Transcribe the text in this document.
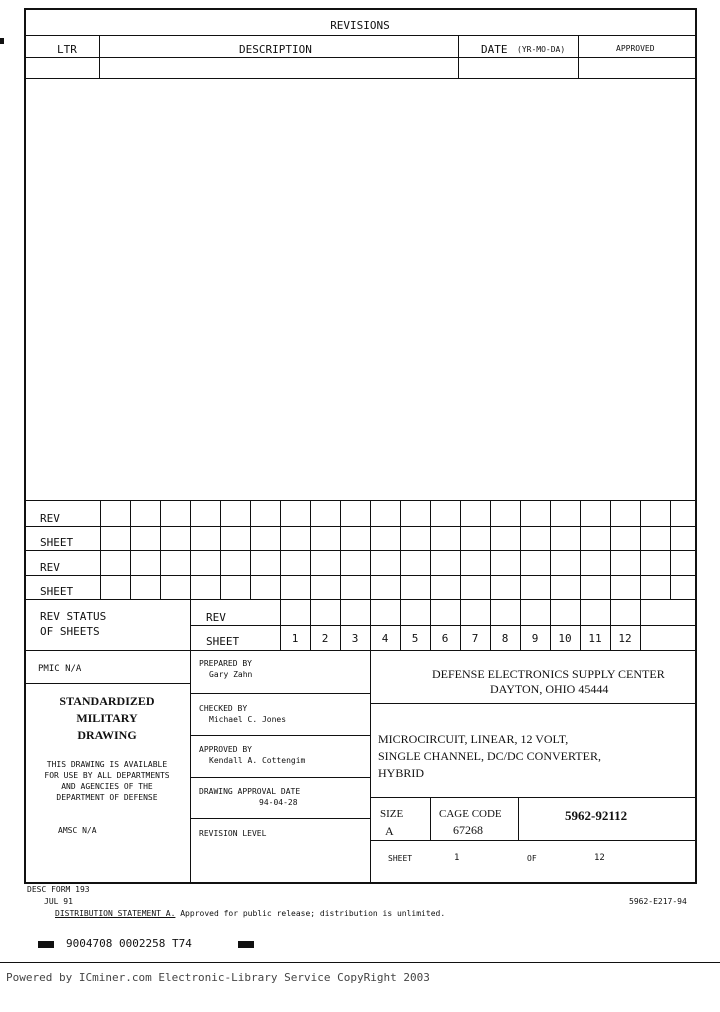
REVISIONS
LTR	DESCRIPTION	DATE (YR-MO-DA)	APPROVED
REV
SHEET
REV
SHEET
REV STATUS
OF SHEETS
REV
SHEET	1	2	3	4	5	6	7	8	9	10	11	12
PMIC N/A
STANDARDIZED
MILITARY
DRAWING
THIS DRAWING IS AVAILABLE
FOR USE BY ALL DEPARTMENTS
AND AGENCIES OF THE
DEPARTMENT OF DEFENSE
AMSC N/A
PREPARED BY
Gary Zahn
CHECKED BY
Michael C. Jones
APPROVED BY
Kendall A. Cottengim
DRAWING APPROVAL DATE
94-04-28
REVISION LEVEL
DEFENSE ELECTRONICS SUPPLY CENTER
DAYTON, OHIO 45444
MICROCIRCUIT, LINEAR, 12 VOLT,
SINGLE CHANNEL, DC/DC CONVERTER,
HYBRID
SIZE
A
CAGE CODE
67268
5962-92112
SHEET	1	OF	12
DESC FORM 193
JUL 91	5962-E217-94
DISTRIBUTION STATEMENT A. Approved for public release; distribution is unlimited.
9004708 0002258 T74
Powered by ICminer.com Electronic-Library Service CopyRight 2003
